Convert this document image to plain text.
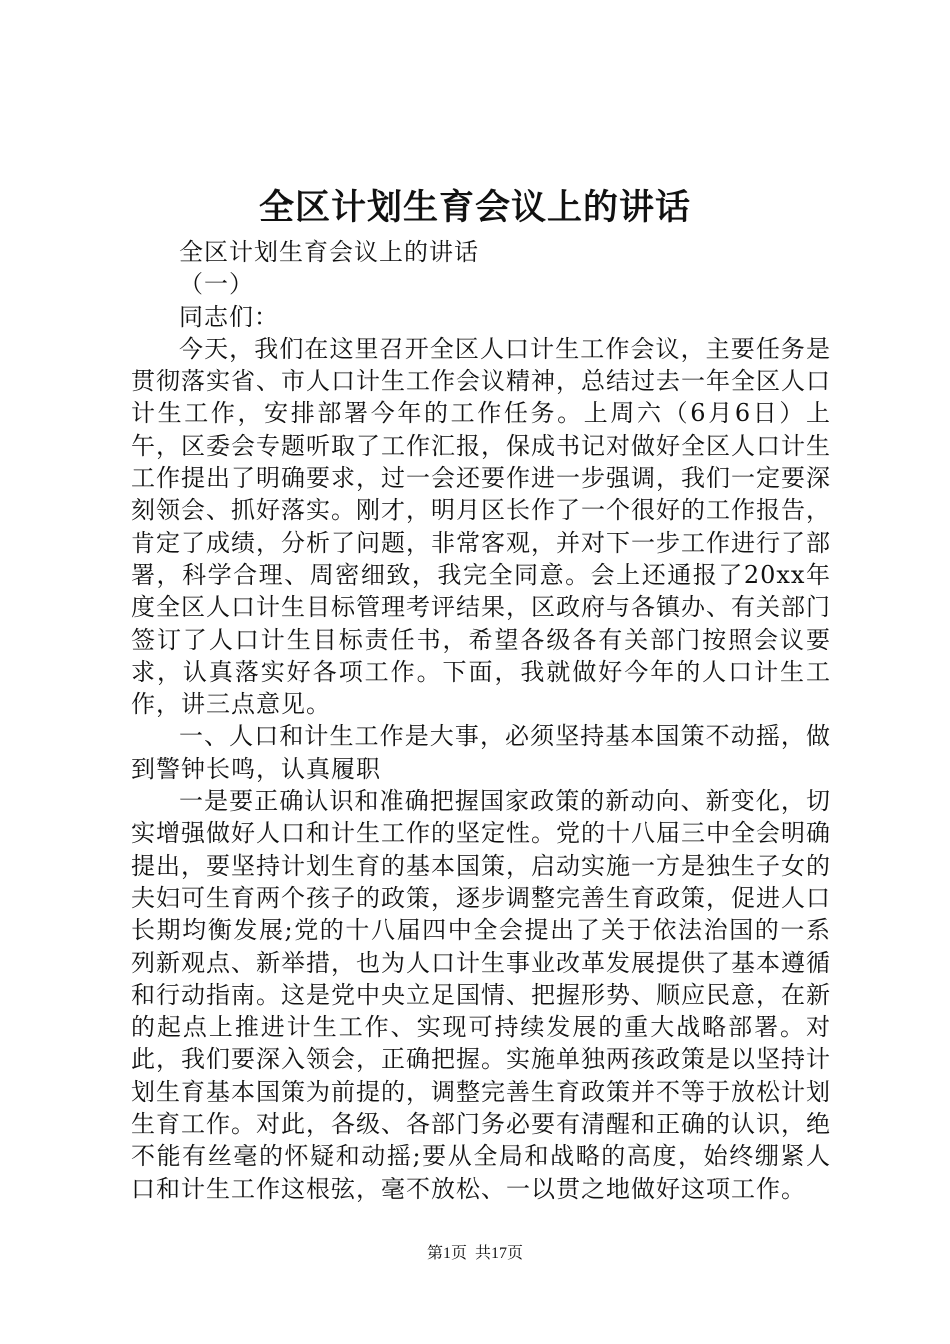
全区计划生育会议上的讲话

全区计划生育会议上的讲话

（一）

同志们：

今天，我们在这里召开全区人口计生工作会议，主要任务是贯彻落实省、市人口计生工作会议精神，总结过去一年全区人口计生工作，安排部署今年的工作任务。上周六（6月6日）上午，区委会专题听取了工作汇报，保成书记对做好全区人口计生工作提出了明确要求，过一会还要作进一步强调，我们一定要深刻领会、抓好落实。刚才，明月区长作了一个很好的工作报告，肯定了成绩，分析了问题，非常客观，并对下一步工作进行了部署，科学合理、周密细致，我完全同意。会上还通报了20xx年度全区人口计生目标管理考评结果，区政府与各镇办、有关部门签订了人口计生目标责任书，希望各级各有关部门按照会议要求，认真落实好各项工作。下面，我就做好今年的人口计生工作，讲三点意见。

一、人口和计生工作是大事，必须坚持基本国策不动摇，做到警钟长鸣，认真履职

一是要正确认识和准确把握国家政策的新动向、新变化，切实增强做好人口和计生工作的坚定性。党的十八届三中全会明确提出，要坚持计划生育的基本国策，启动实施一方是独生子女的夫妇可生育两个孩子的政策，逐步调整完善生育政策，促进人口长期均衡发展;党的十八届四中全会提出了关于依法治国的一系列新观点、新举措，也为人口计生事业改革发展提供了基本遵循和行动指南。这是党中央立足国情、把握形势、顺应民意，在新的起点上推进计生工作、实现可持续发展的重大战略部署。对此，我们要深入领会，正确把握。实施单独两孩政策是以坚持计划生育基本国策为前提的，调整完善生育政策并不等于放松计划生育工作。对此，各级、各部门务必要有清醒和正确的认识，绝不能有丝毫的怀疑和动摇;要从全局和战略的高度，始终绷紧人口和计生工作这根弦，毫不放松、一以贯之地做好这项工作。

第1页 共17页
